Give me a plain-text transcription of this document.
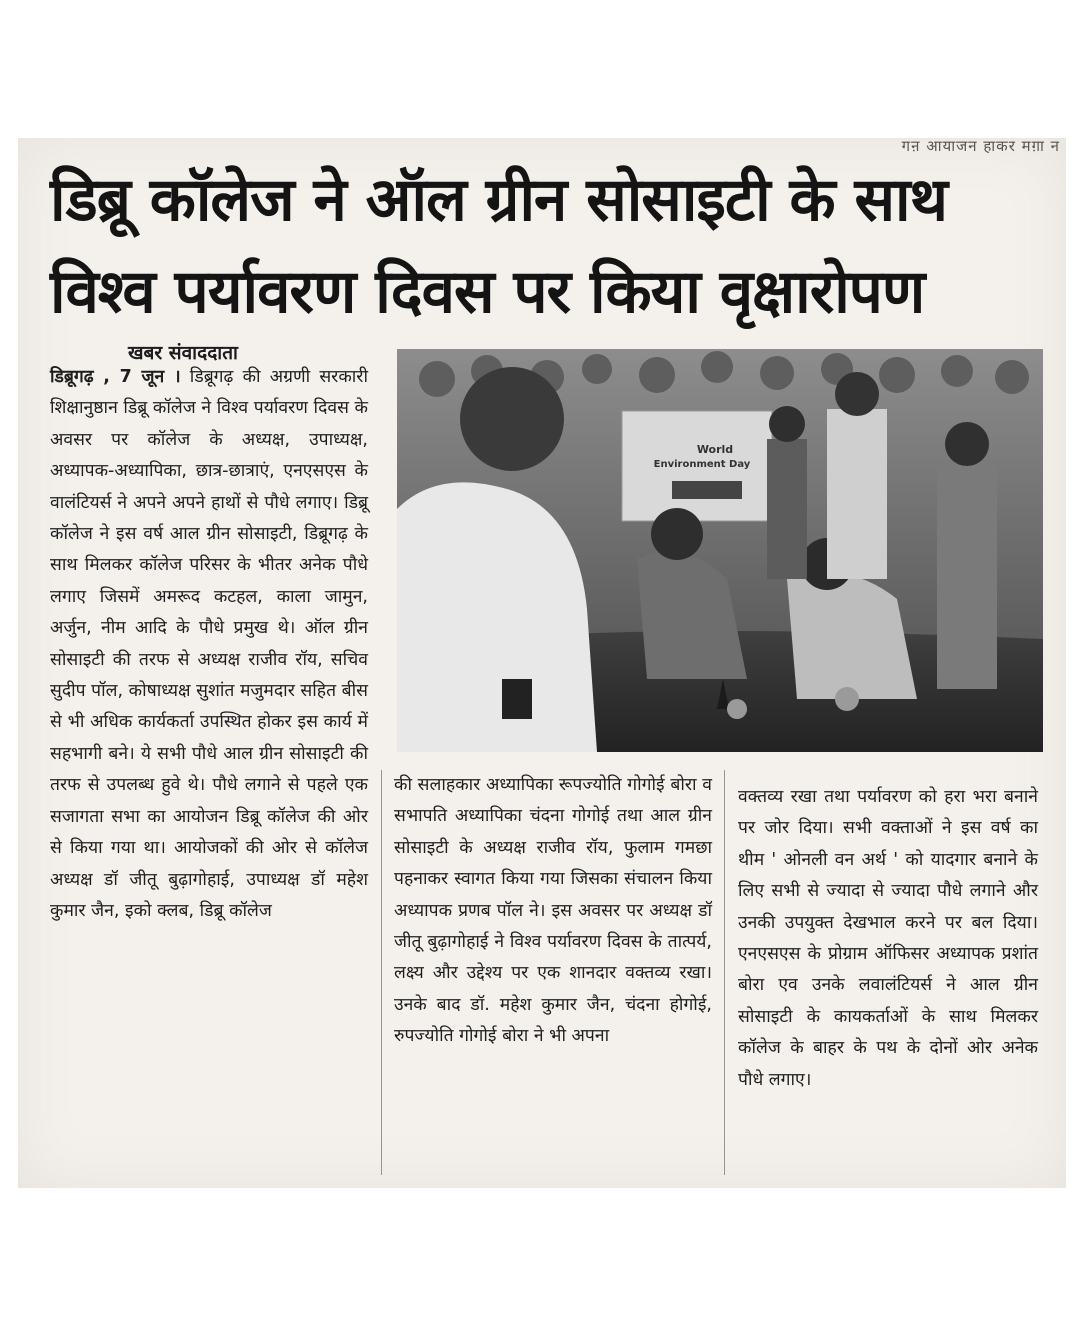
गऩ आयाजन हाकर मग़ा न
डिब्रू कॉलेज ने ऑल ग्रीन सोसाइटी के साथ
विश्व पर्यावरण दिवस पर किया वृक्षारोपण
खबर संवाददाता
डिब्रूगढ़ , 7 जून । डिब्रूगढ़ की अग्रणी सरकारी शिक्षानुष्ठान डिब्रू कॉलेज ने विश्व पर्यावरण दिवस के अवसर पर कॉलेज के अध्यक्ष, उपाध्यक्ष, अध्यापक-अध्यापिका, छात्र-छात्राएं, एनएसएस के वालंटियर्स ने अपने अपने हाथों से पौधे लगाए। डिब्रू कॉलेज ने इस वर्ष आल ग्रीन सोसाइटी, डिब्रूगढ़ के साथ मिलकर कॉलेज परिसर के भीतर अनेक पौधे लगाए जिसमें अमरूद कटहल, काला जामुन, अर्जुन, नीम आदि के पौधे प्रमुख थे। ऑल ग्रीन सोसाइटी की तरफ से अध्यक्ष राजीव रॉय, सचिव सुदीप पॉल, कोषाध्यक्ष सुशांत मजुमदार सहित बीस से भी अधिक कार्यकर्ता उपस्थित होकर इस कार्य में सहभागी बने। ये सभी पौधे आल ग्रीन सोसाइटी की तरफ से उपलब्ध हुवे थे। पौधे लगाने से पहले एक सजागता सभा का आयोजन डिब्रू कॉलेज की ओर से किया गया था। आयोजकों की ओर से कॉलेज अध्यक्ष डॉ जीतू बुढ़ागोहाई, उपाध्यक्ष डॉ महेश कुमार जैन, इको क्लब, डिब्रू कॉलेज
World
Environment Day
की सलाहकार अध्यापिका रूपज्योति गोगोई बोरा व सभापति अध्यापिका चंदना गोगोई तथा आल ग्रीन सोसाइटी के अध्यक्ष राजीव रॉय, फुलाम गमछा पहनाकर स्वागत किया गया जिसका संचालन किया अध्यापक प्रणब पॉल ने। इस अवसर पर अध्यक्ष डॉ जीतू बुढ़ागोहाई ने विश्व पर्यावरण दिवस के तात्पर्य, लक्ष्य और उद्देश्य पर एक शानदार वक्तव्य रखा। उनके बाद डॉ. महेश कुमार जैन, चंदना होगोई, रुपज्योति गोगोई बोरा ने भी अपना
वक्तव्य रखा तथा पर्यावरण को हरा भरा बनाने पर जोर दिया। सभी वक्ताओं ने इस वर्ष का थीम ' ओनली वन अर्थ ' को यादगार बनाने के लिए सभी से ज्यादा से ज्यादा पौधे लगाने और उनकी उपयुक्त देखभाल करने पर बल दिया। एनएसएस के प्रोग्राम ऑफिसर अध्यापक प्रशांत बोरा एव उनके लवालंटियर्स ने आल ग्रीन सोसाइटी के कायकर्ताओं के साथ मिलकर कॉलेज के बाहर के पथ के दोनों ओर अनेक पौधे लगाए।
